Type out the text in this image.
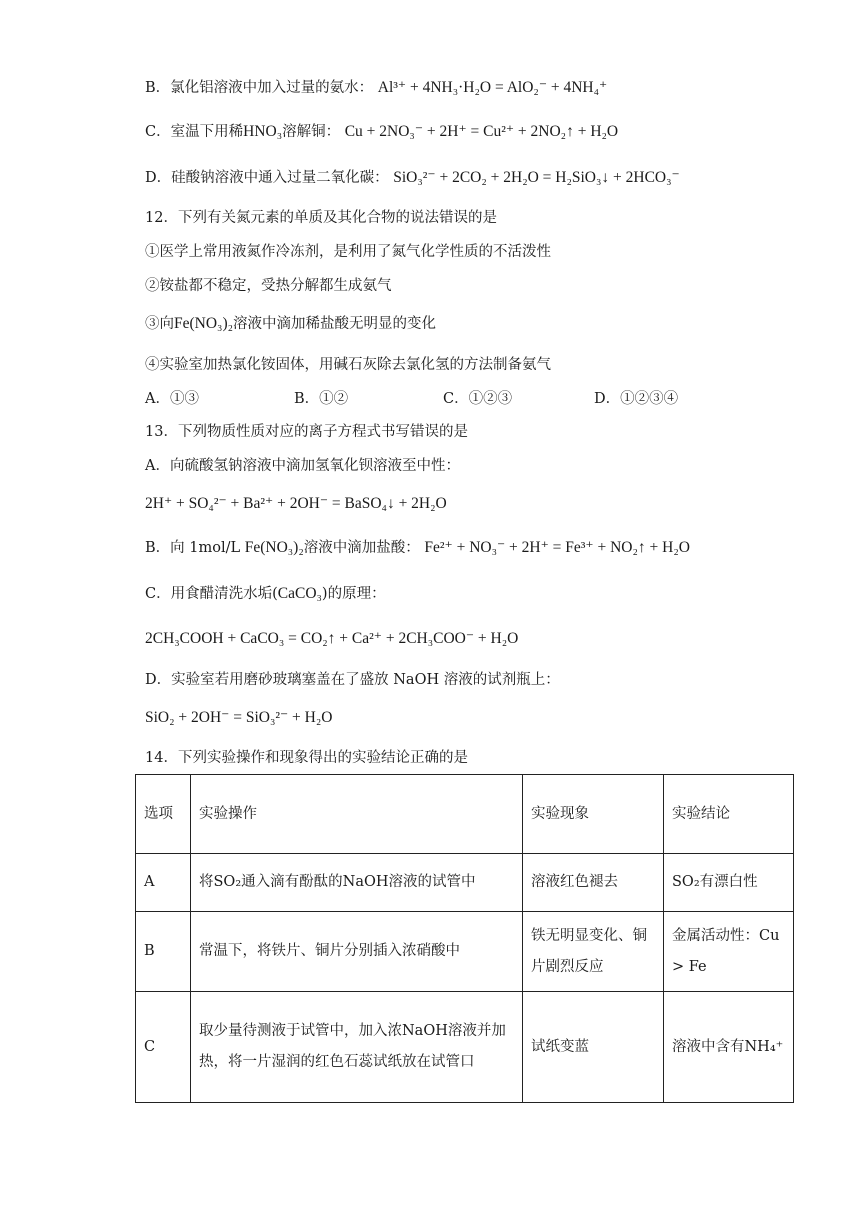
B．氯化铝溶液中加入过量的氨水： Al³⁺ + 4NH₃·H₂O = AlO₂⁻ + 4NH₄⁺
C．室温下用稀HNO₃溶解铜： Cu + 2NO₃⁻ + 2H⁺ = Cu²⁺ + 2NO₂↑ + H₂O
D．硅酸钠溶液中通入过量二氧化碳： SiO₃²⁻ + 2CO₂ + 2H₂O = H₂SiO₃↓ + 2HCO₃⁻
12．下列有关氮元素的单质及其化合物的说法错误的是
①医学上常用液氮作冷冻剂，是利用了氮气化学性质的不活泼性
②铵盐都不稳定，受热分解都生成氨气
③向Fe(NO₃)₂溶液中滴加稀盐酸无明显的变化
④实验室加热氯化铵固体，用碱石灰除去氯化氢的方法制备氨气
A．①③	B．①②	C．①②③	D．①②③④
13．下列物质性质对应的离子方程式书写错误的是
A．向硫酸氢钠溶液中滴加氢氧化钡溶液至中性：
2H⁺ + SO₄²⁻ + Ba²⁺ + 2OH⁻ = BaSO₄↓ + 2H₂O
B．向 1mol/L Fe(NO₃)₂溶液中滴加盐酸： Fe²⁺ + NO₃⁻ + 2H⁺ = Fe³⁺ + NO₂↑ + H₂O
C．用食醋清洗水垢(CaCO₃)的原理：
2CH₃COOH + CaCO₃ = CO₂↑ + Ca²⁺ + 2CH₃COO⁻ + H₂O
D．实验室若用磨砂玻璃塞盖在了盛放 NaOH 溶液的试剂瓶上：
SiO₂ + 2OH⁻ = SiO₃²⁻ + H₂O
14．下列实验操作和现象得出的实验结论正确的是
选项	实验操作	实验现象	实验结论
A	将SO₂通入滴有酚酞的NaOH溶液的试管中	溶液红色褪去	SO₂有漂白性
B	常温下，将铁片、铜片分别插入浓硝酸中	铁无明显变化、铜片剧烈反应	金属活动性：Cu > Fe
C	取少量待测液于试管中，加入浓NaOH溶液并加热，将一片湿润的红色石蕊试纸放在试管口	试纸变蓝	溶液中含有NH₄⁺
